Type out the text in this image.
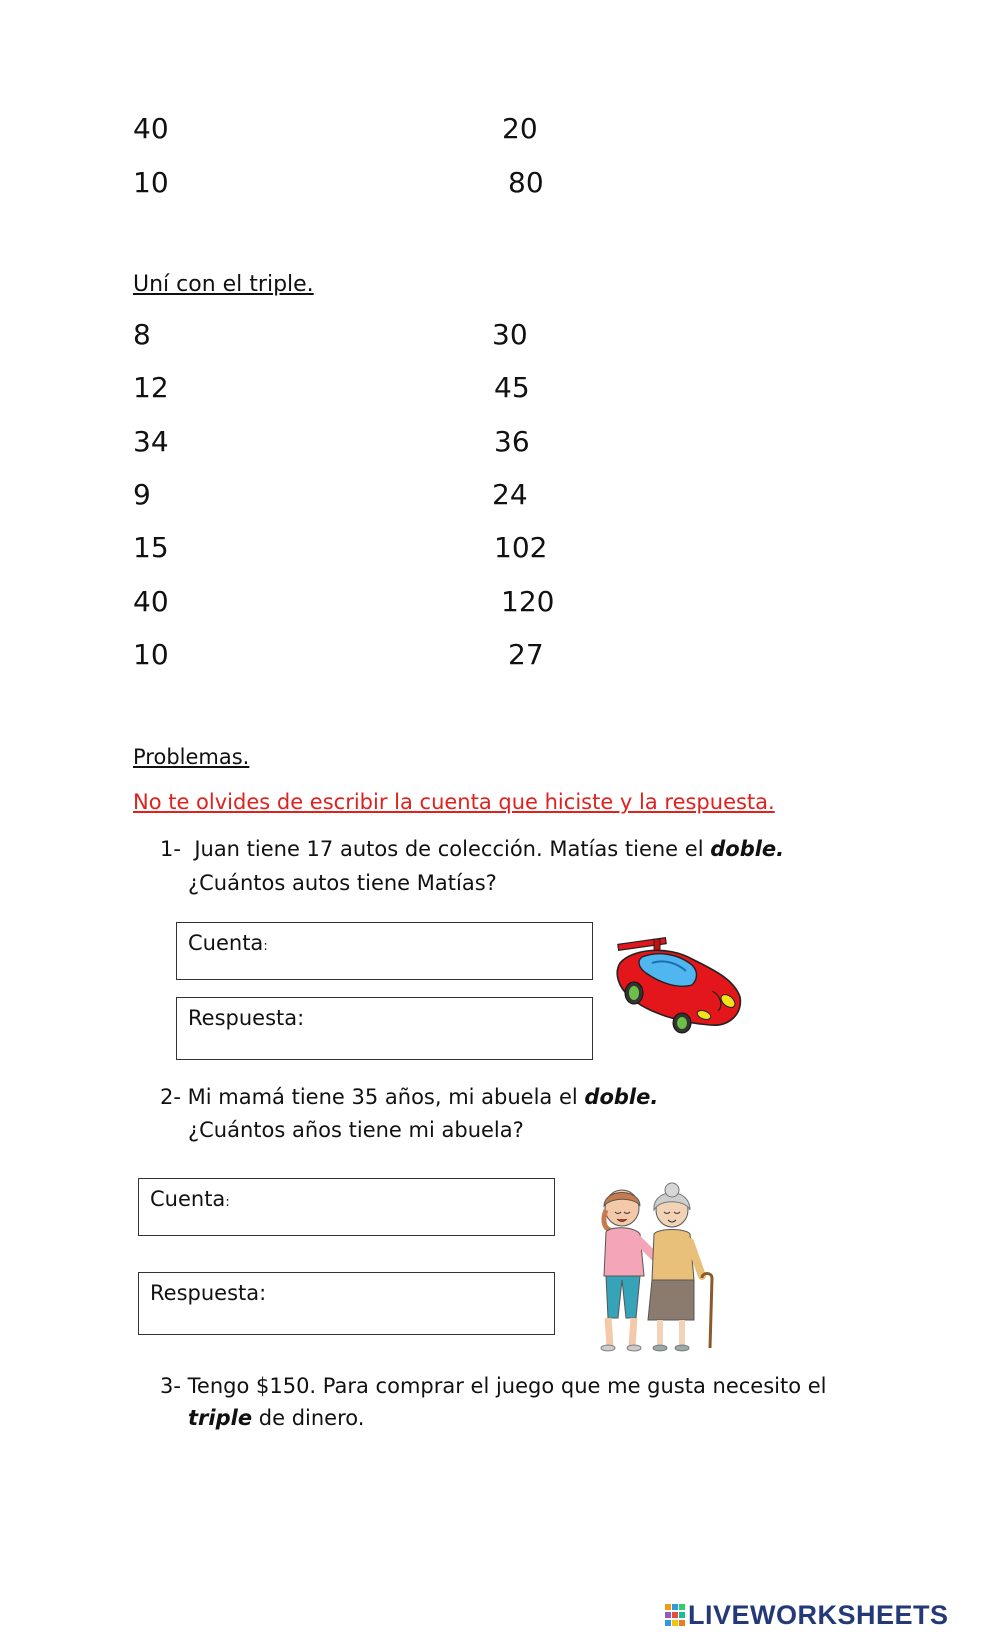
40	20
10	80
Uní con el triple.
8	30
12	45
34	36
9	24
15	102
40	120
10	27
Problemas.
No te olvides de escribir la cuenta que hiciste y la respuesta.
1- Juan tiene 17 autos de colección. Matías tiene el doble.
¿Cuántos autos tiene Matías?
Cuenta:
Respuesta:
2- Mi mamá tiene 35 años, mi abuela el doble.
¿Cuántos años tiene mi abuela?
Cuenta:
Respuesta:
3- Tengo $150. Para comprar el juego que me gusta necesito el
triple de dinero.
LIVEWORKSHEETS
